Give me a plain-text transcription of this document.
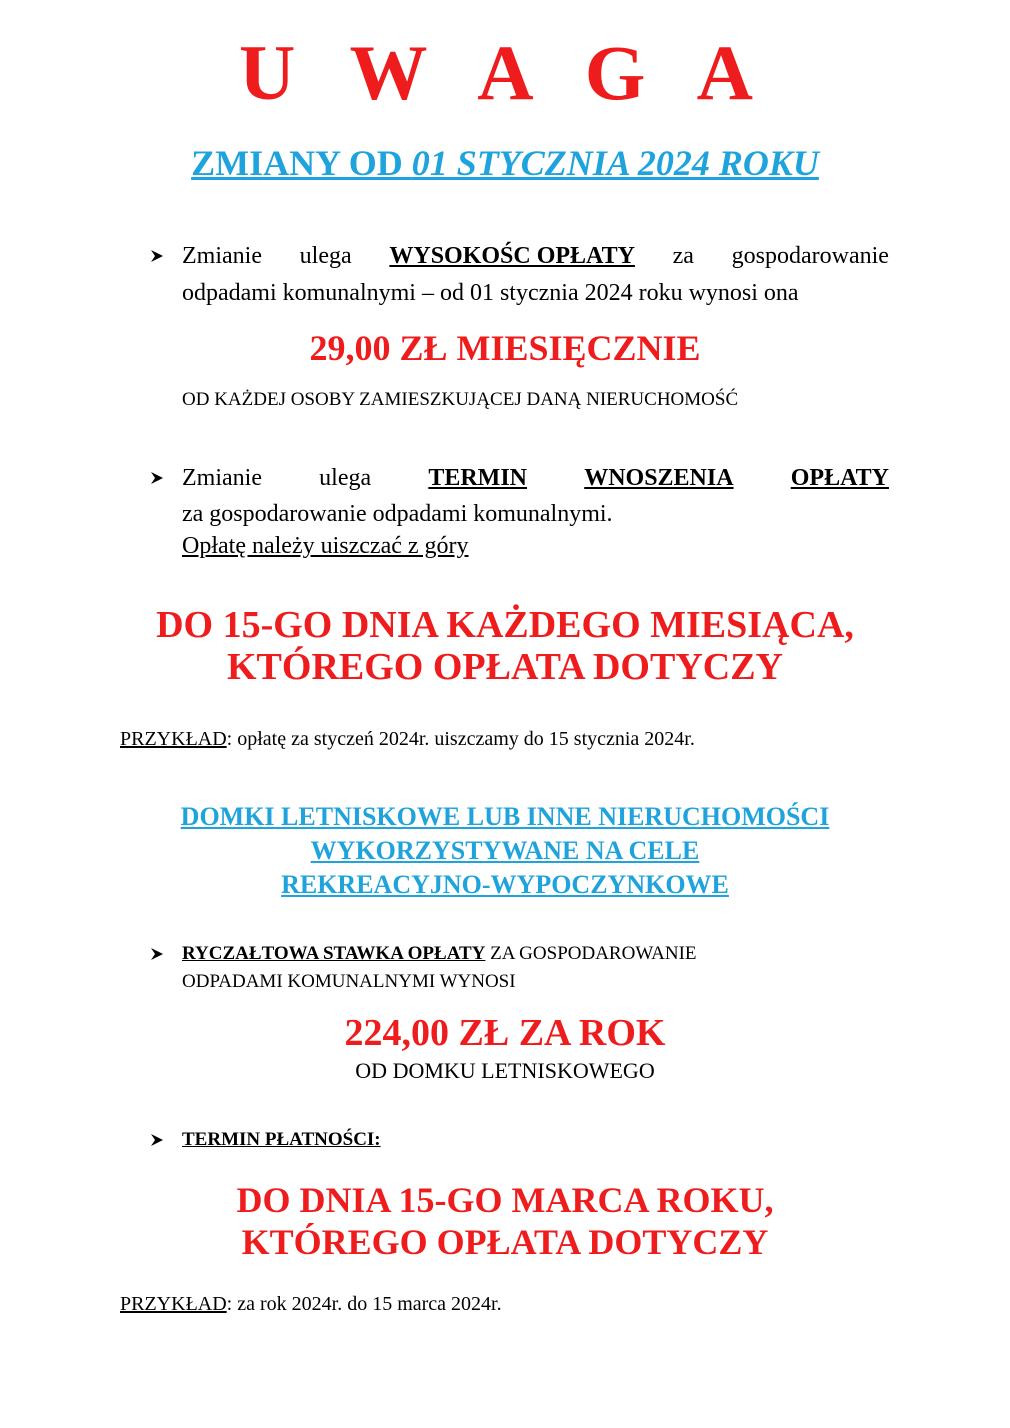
U W A G A
ZMIANY OD 01 STYCZNIA 2024 ROKU
Zmianie ulega WYSOKOŚC OPŁATY za gospodarowanie
odpadami komunalnymi – od 01 stycznia 2024 roku wynosi ona
29,00 ZŁ MIESIĘCZNIE
OD KAŻDEJ OSOBY ZAMIESZKUJĄCEJ DANĄ NIERUCHOMOŚĆ
Zmianie ulega TERMIN WNOSZENIA OPŁATY
za gospodarowanie odpadami komunalnymi.
Opłatę należy uiszczać z góry
DO 15-GO DNIA KAŻDEGO MIESIĄCA,
KTÓREGO OPŁATA DOTYCZY
PRZYKŁAD: opłatę za styczeń 2024r. uiszczamy do 15 stycznia 2024r.
DOMKI LETNISKOWE LUB INNE NIERUCHOMOŚCI
WYKORZYSTYWANE NA CELE
REKREACYJNO-WYPOCZYNKOWE
RYCZAŁTOWA STAWKA OPŁATY ZA GOSPODAROWANIE
ODPADAMI KOMUNALNYMI WYNOSI
224,00 ZŁ ZA ROK
OD DOMKU LETNISKOWEGO
TERMIN PŁATNOŚCI:
DO DNIA 15-GO MARCA ROKU,
KTÓREGO OPŁATA DOTYCZY
PRZYKŁAD: za rok 2024r. do 15 marca 2024r.
